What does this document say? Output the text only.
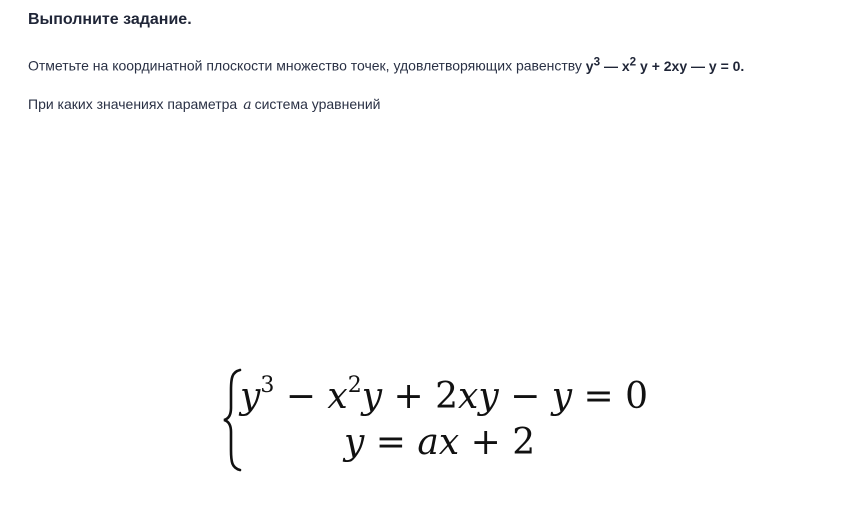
Выполните задание.
Отметьте на координатной плоскости множество точек, удовлетворяющих равенству $y^3$ — $x^2$ y + 2xy — y = 0.
При каких значениях параметра a система уравнений
$y^3 - x^2y + 2xy - y = 0$
y = ax + 2
